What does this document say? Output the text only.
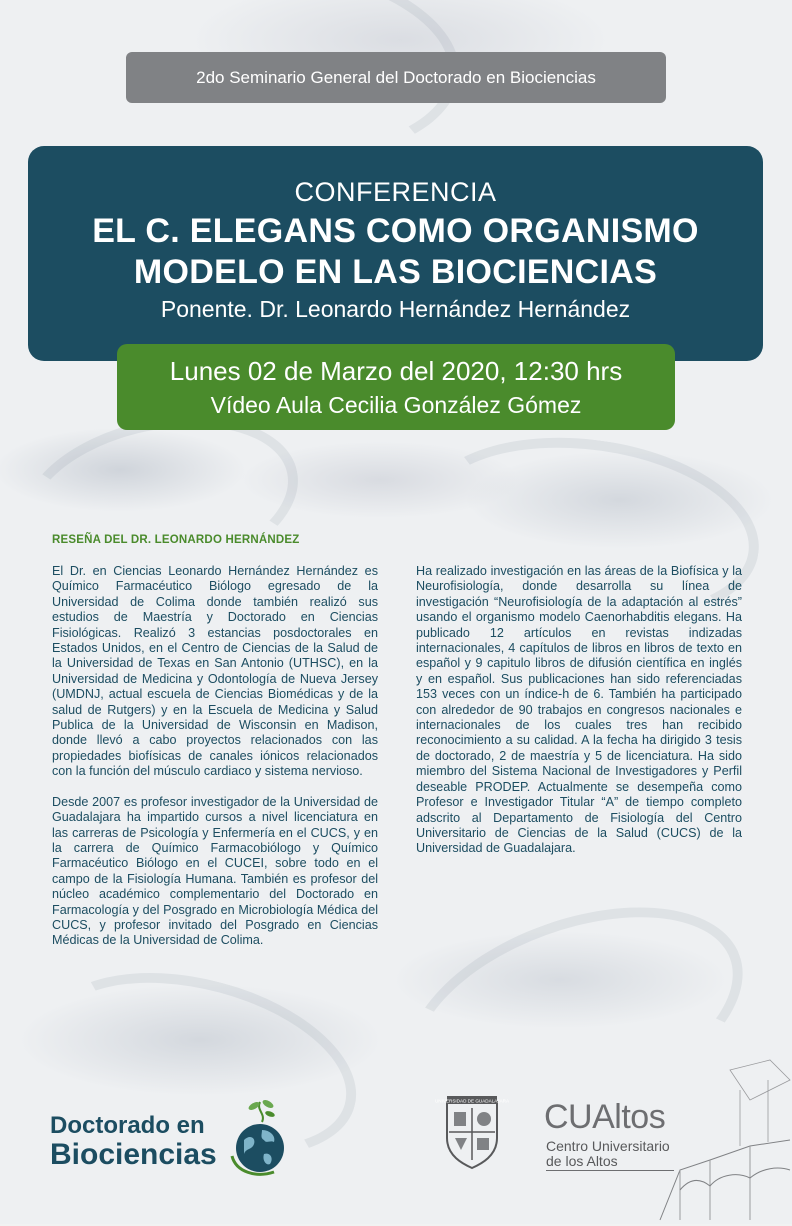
2do Seminario General del Doctorado en Biociencias
CONFERENCIA
EL C. ELEGANS COMO ORGANISMO
MODELO EN LAS BIOCIENCIAS
Ponente. Dr. Leonardo Hernández Hernández
Lunes 02 de Marzo del 2020, 12:30 hrs
Vídeo Aula Cecilia González Gómez
RESEÑA DEL DR. LEONARDO HERNÁNDEZ

El Dr. en Ciencias Leonardo Hernández Hernández es Químico Farmacéutico Biólogo egresado de la Universidad de Colima donde también realizó sus estudios de Maestría y Doctorado en Ciencias Fisiológicas. Realizó 3 estancias posdoctorales en Estados Unidos, en el Centro de Ciencias de la Salud de la Universidad de Texas en San Antonio (UTHSC), en la Universidad de Medicina y Odontología de Nueva Jersey (UMDNJ, actual escuela de Ciencias Biomédicas y de la salud de Rutgers) y en la Escuela de Medicina y Salud Publica de la Universidad de Wisconsin en Madison, donde llevó a cabo proyectos relacionados con las propiedades biofísicas de canales iónicos relacionados con la función del músculo cardiaco y sistema nervioso.

Desde 2007 es profesor investigador de la Universidad de Guadalajara ha impartido cursos a nivel licenciatura en las carreras de Psicología y Enfermería en el CUCS, y en la carrera de Químico Farmacobiólogo y Químico Farmacéutico Biólogo en el CUCEI, sobre todo en el campo de la Fisiología Humana. También es profesor del núcleo académico complementario del Doctorado en Farmacología y del Posgrado en Microbiología Médica del CUCS, y profesor invitado del Posgrado en Ciencias Médicas de la Universidad de Colima.

Ha realizado investigación en las áreas de la Biofísica y la Neurofisiología, donde desarrolla su línea de investigación “Neurofisiología de la adaptación al estrés” usando el organismo modelo Caenorhabditis elegans. Ha publicado 12 artículos en revistas indizadas internacionales, 4 capítulos de libros en libros de texto en español y 9 capitulo libros de difusión científica en inglés y en español. Sus publicaciones han sido referenciadas 153 veces con un índice-h de 6. También ha participado con alrededor de 90 trabajos en congresos nacionales e internacionales de los cuales tres han recibido reconocimiento a su calidad. A la fecha ha dirigido 3 tesis de doctorado, 2 de maestría y 5 de licenciatura. Ha sido miembro del Sistema Nacional de Investigadores y Perfil deseable PRODEP. Actualmente se desempeña como Profesor e Investigador Titular “A” de tiempo completo adscrito al Departamento de Fisiología del Centro Universitario de Ciencias de la Salud (CUCS) de la Universidad de Guadalajara.

Doctorado en
Biociencias
UNIVERSIDAD DE GUADALAJARA CUAltos
Centro Universitario
de los Altos
